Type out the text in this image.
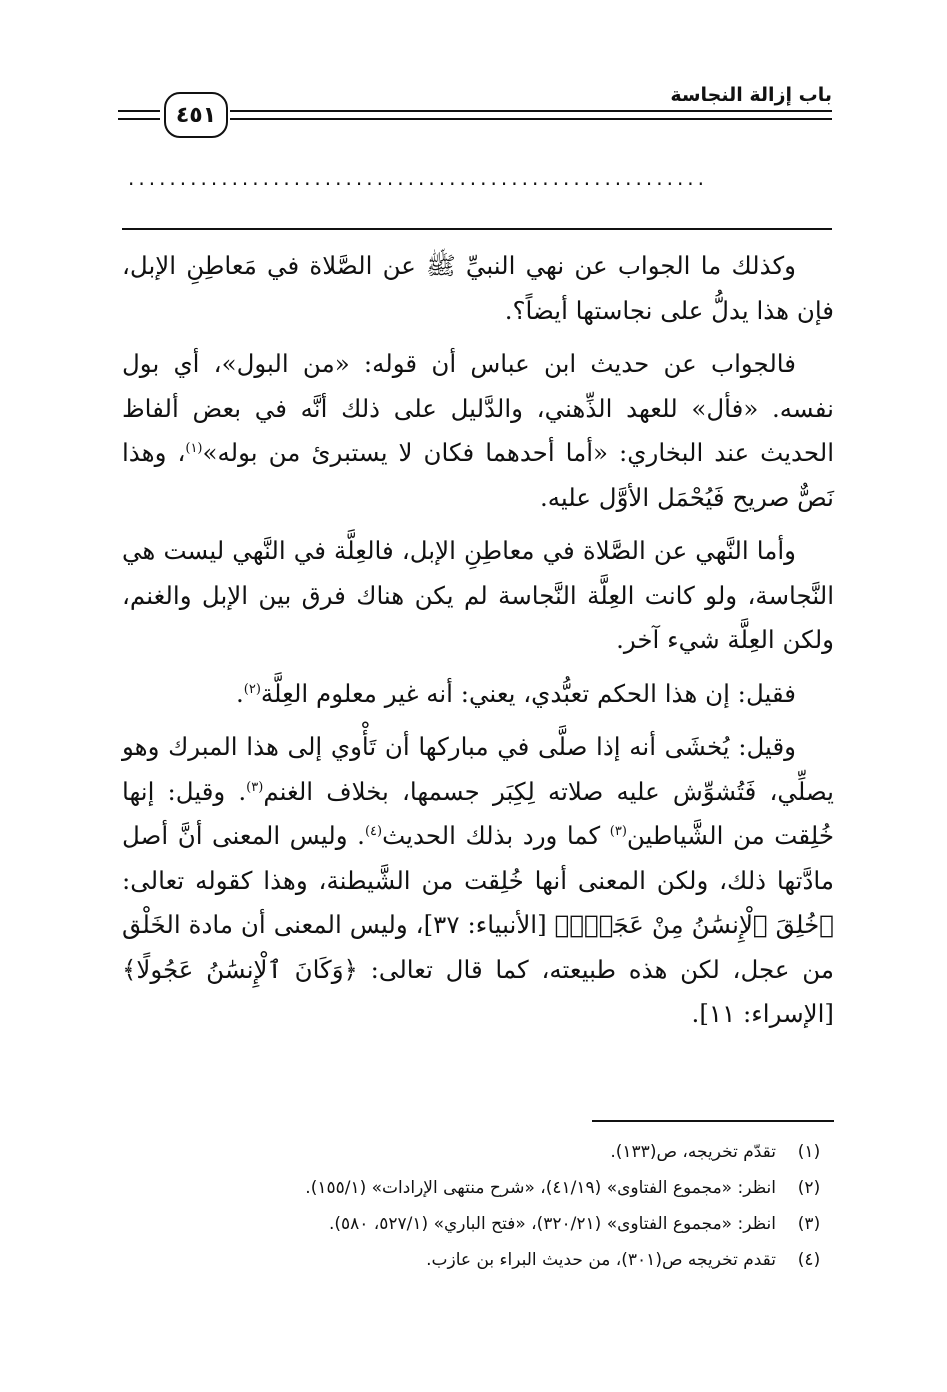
٤٥١
باب إزالة النجاسة
........................................................

وكذلك ما الجواب عن نهي النبيِّ ﷺ عن الصَّلاة في مَعاطِنِ الإبل، فإن هذا يدلُّ على نجاستها أيضاً؟.

فالجواب عن حديث ابن عباس أن قوله: «من البول»، أي بول نفسه. «فأل» للعهد الذِّهني، والدَّليل على ذلك أنَّه في بعض ألفاظ الحديث عند البخاري: «أما أحدهما فكان لا يستبرئ من بوله»$^{(١)}$، وهذا نَصٌّ صريح فَيُحْمَل الأوَّل عليه.

وأما النَّهي عن الصَّلاة في معاطِنِ الإبل، فالعِلَّة في النَّهي ليست هي النَّجاسة، ولو كانت العِلَّة النَّجاسة لم يكن هناك فرق بين الإبل والغنم، ولكن العِلَّة شيء آخر.

فقيل: إن هذا الحكم تعبُّدي، يعني: أنه غير معلوم العِلَّة$^{(٢)}$.

وقيل: يُخشَى أنه إذا صلَّى في مباركها أن تَأْوي إلى هذا المبرك وهو يصلِّي، فَتُشوِّش عليه صلاته لِكِبَر جسمها، بخلاف الغنم$^{(٣)}$. وقيل: إنها خُلِقت من الشَّياطين$^{(٣)}$ كما ورد بذلك الحديث$^{(٤)}$. وليس المعنى أنَّ أصل مادَّتها ذلك، ولكن المعنى أنها خُلِقت من الشَّيطنة، وهذا كقوله تعالى: ﴿خُلِقَ ٱلْإِنسَٰنُ مِنْ عَجَلٍۚ﴾ [الأنبياء: ٣٧]، وليس المعنى أن مادة الخَلْق من عجل، لكن هذه طبيعته، كما قال تعالى: ﴿وَكَانَ ٱلْإِنسَٰنُ عَجُولًا﴾ [الإسراء: ١١].

(١)
تقدّم تخريجه، ص(١٣٣).
(٢)
انظر: «مجموع الفتاوى» (٤١/١٩)، «شرح منتهى الإرادات» (١٥٥/١).
(٣)
انظر: «مجموع الفتاوى» (٣٢٠/٢١)، «فتح الباري» (٥٢٧/١، ٥٨٠).
(٤)
تقدم تخريجه ص(٣٠١)، من حديث البراء بن عازب.
